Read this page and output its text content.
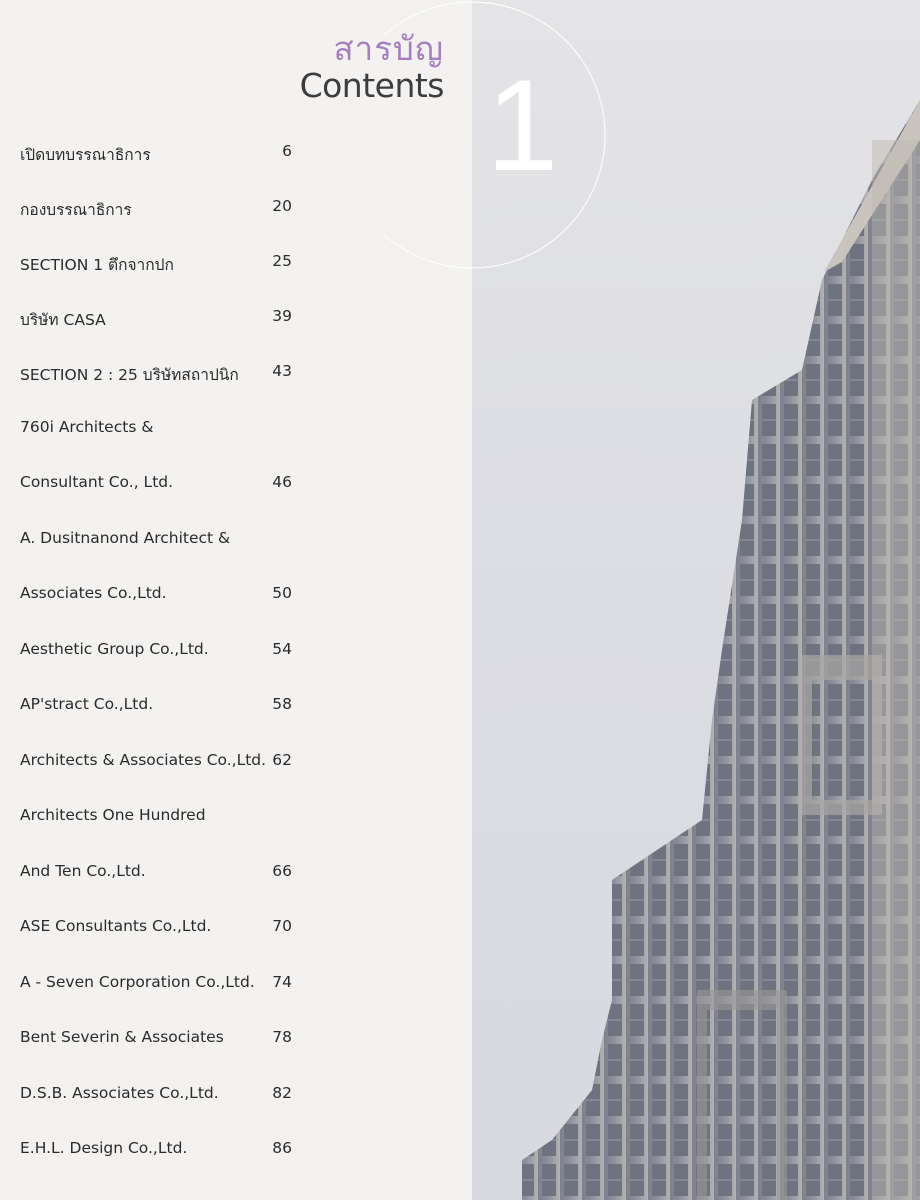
1
สารบัญ
Contents
เปิดบทบรรณาธิการ	6
กองบรรณาธิการ	20
SECTION 1 ตึกจากปก	25
บริษัท CASA	39
SECTION 2 : 25 บริษัทสถาปนิก 43
760i Architects &
Consultant Co., Ltd.	46
A. Dusitnanond Architect &
Associates Co.,Ltd.	50
Aesthetic Group Co.,Ltd.	54
AP'stract Co.,Ltd.	58
Architects & Associates Co.,Ltd. 62
Architects One Hundred
And Ten Co.,Ltd.	66
ASE Consultants Co.,Ltd.	70
A - Seven Corporation Co.,Ltd. 74
Bent Severin & Associates	78
D.S.B. Associates Co.,Ltd.	82
E.H.L. Design Co.,Ltd.	86
